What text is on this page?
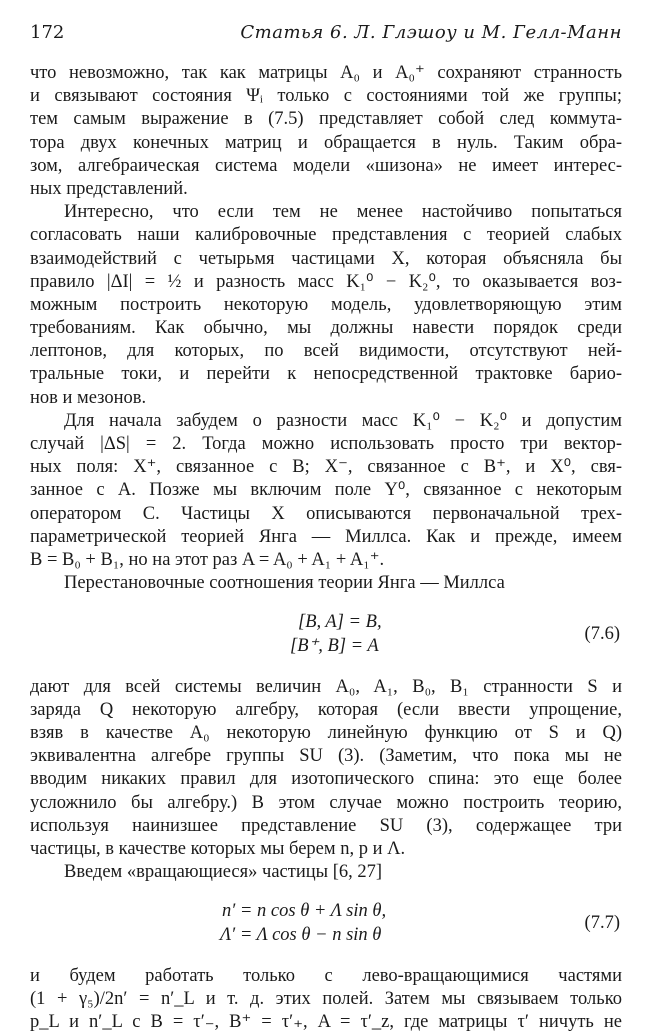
172	Статья 6. Л. Глэшоу и М. Гелл-Манн
что невозможно, так как матрицы A₀ и A₀⁺ сохраняют странность
и связывают состояния Ψᵢ только с состояниями той же группы;
тем самым выражение в (7.5) представляет собой след коммута-
тора двух конечных матриц и обращается в нуль. Таким обра-
зом, алгебраическая система модели «шизона» не имеет интерес-
ных представлений.
Интересно, что если тем не менее настойчиво попытаться
согласовать наши калибровочные представления с теорией слабых
взаимодействий с четырьмя частицами X, которая объясняла бы
правило |ΔI| = ½ и разность масс K₁⁰ − K₂⁰, то оказывается воз-
можным построить некоторую модель, удовлетворяющую этим
требованиям. Как обычно, мы должны навести порядок среди
лептонов, для которых, по всей видимости, отсутствуют ней-
тральные токи, и перейти к непосредственной трактовке барио-
нов и мезонов.
Для начала забудем о разности масс K₁⁰ − K₂⁰ и допустим
случай |ΔS| = 2. Тогда можно использовать просто три вектор-
ных поля: X⁺, связанное с B; X⁻, связанное с B⁺, и X⁰, свя-
занное с A. Позже мы включим поле Y⁰, связанное с некоторым
оператором C. Частицы X описываются первоначальной трех-
параметрической теорией Янга — Миллса. Как и прежде, имеем
B = B₀ + B₁, но на этот раз A = A₀ + A₁ + A₁⁺.
Перестановочные соотношения теории Янга — Миллса
[B, A] = B,
[B⁺, B] = A
(7.6)
дают для всей системы величин A₀, A₁, B₀, B₁ странности S и
заряда Q некоторую алгебру, которая (если ввести упрощение,
взяв в качестве A₀ некоторую линейную функцию от S и Q)
эквивалентна алгебре группы SU (3). (Заметим, что пока мы не
вводим никаких правил для изотопического спина: это еще более
усложнило бы алгебру.) В этом случае можно построить теорию,
используя наинизшее представление SU (3), содержащее три
частицы, в качестве которых мы берем n, p и Λ.
Введем «вращающиеся» частицы [6, 27]
n′ = n cos θ + Λ sin θ,
Λ′ = Λ cos θ − n sin θ
(7.7)
и будем работать только с лево-вращающимися частями
(1 + γ₅)/2n′ = n′_L и т. д. этих полей. Затем мы связываем только
p_L и n′_L с B = τ′₋, B⁺ = τ′₊, A = τ′_z, где матрицы τ′ ничуть не
